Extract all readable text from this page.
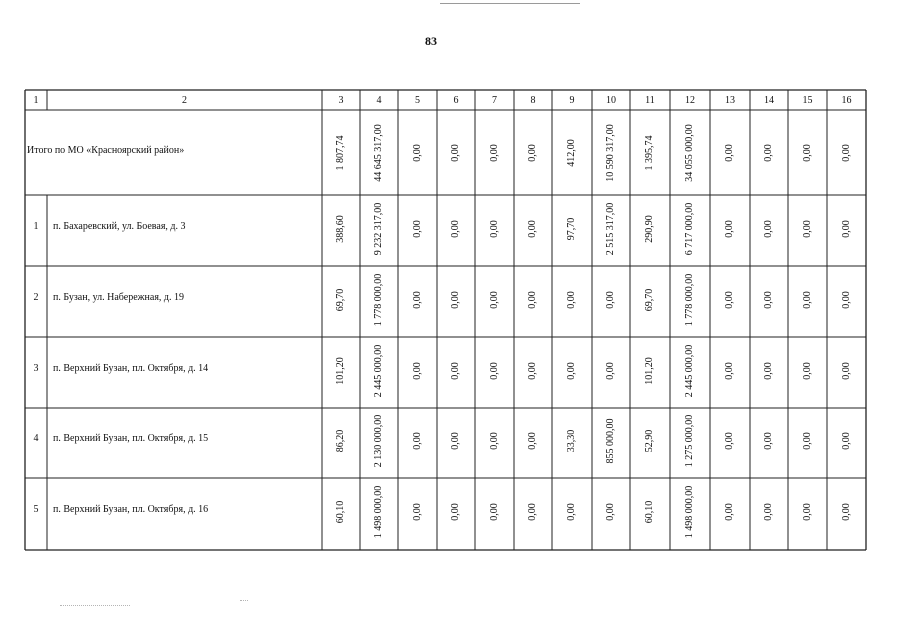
83
1	2	3	4	5	6	7	8	9	10	11	12	13	14	15	16
Итого по МО «Красноярский район»	1 807,74	44 645 317,00	0,00	0,00	0,00	0,00	412,00	10 590 317,00	1 395,74	34 055 000,00	0,00	0,00	0,00	0,00
1 п. Бахаревский, ул. Боевая, д. 3	388,60	9 232 317,00	0,00	0,00	0,00	0,00	97,70	2 515 317,00	290,90	6 717 000,00	0,00	0,00	0,00	0,00
2 п. Бузан, ул. Набережная, д. 19	69,70	1 778 000,00	0,00	0,00	0,00	0,00	0,00	0,00	69,70	1 778 000,00	0,00	0,00	0,00	0,00
3 п. Верхний Бузан, пл. Октября, д. 14	101,20	2 445 000,00	0,00	0,00	0,00	0,00	0,00	0,00	101,20	2 445 000,00	0,00	0,00	0,00	0,00
4 п. Верхний Бузан, пл. Октября, д. 15	86,20	2 130 000,00	0,00	0,00	0,00	0,00	33,30	855 000,00	52,90	1 275 000,00	0,00	0,00	0,00	0,00
5 п. Верхний Бузан, пл. Октября, д. 16	60,10	1 498 000,00	0,00	0,00	0,00	0,00	0,00	0,00	60,10	1 498 000,00	0,00	0,00	0,00	0,00
